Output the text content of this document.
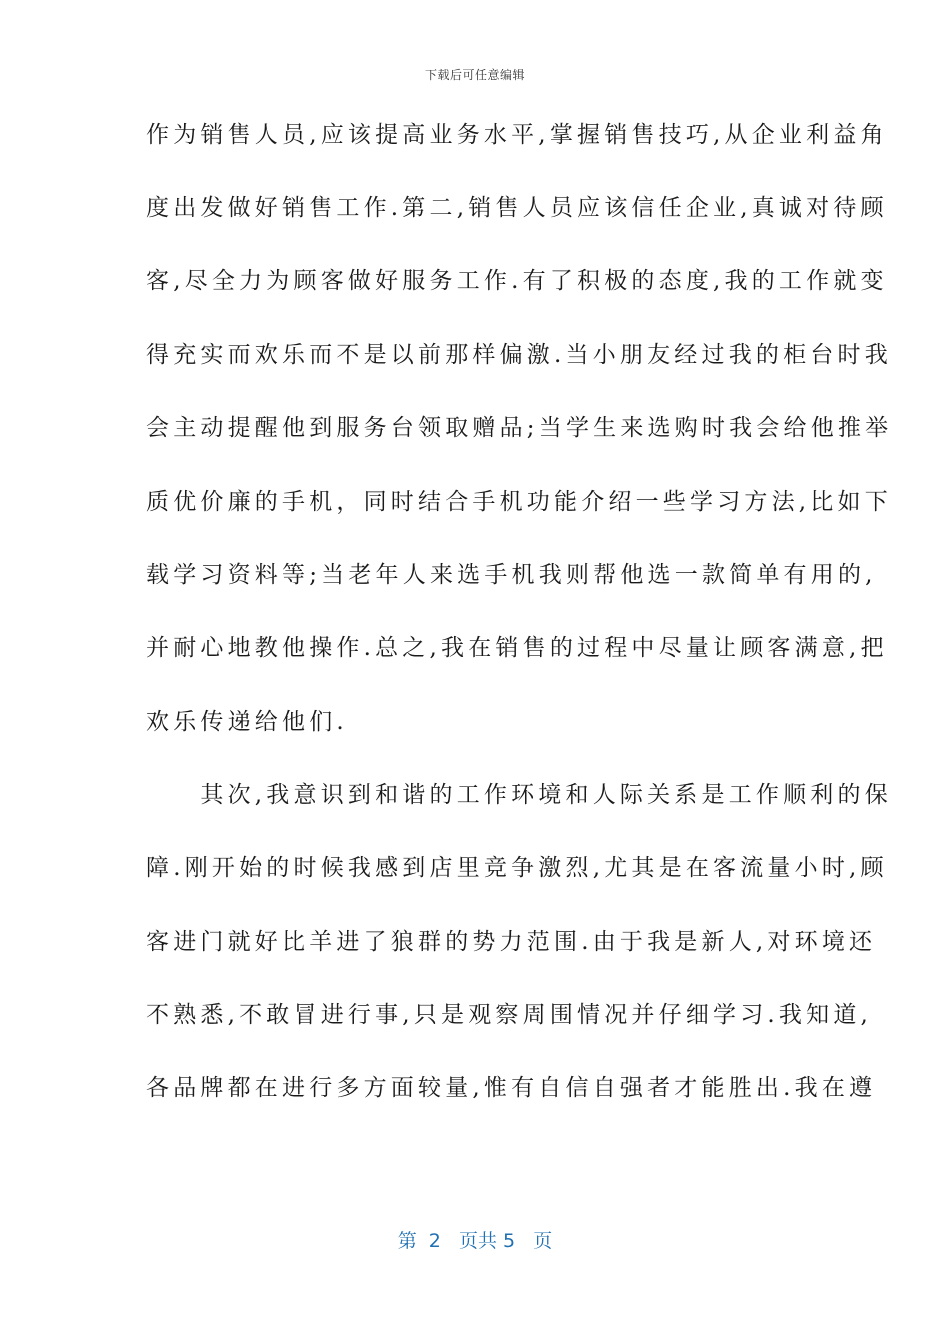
下载后可任意编辑
作为销售人员,应该提高业务水平,掌握销售技巧,从企业利益角
度出发做好销售工作.第二,销售人员应该信任企业,真诚对待顾
客,尽全力为顾客做好服务工作.有了积极的态度,我的工作就变
得充实而欢乐而不是以前那样偏激.当小朋友经过我的柜台时我
会主动提醒他到服务台领取赠品;当学生来选购时我会给他推举
质优价廉的手机，同时结合手机功能介绍一些学习方法,比如下
载学习资料等;当老年人来选手机我则帮他选一款简单有用的,
并耐心地教他操作.总之,我在销售的过程中尽量让顾客满意,把
欢乐传递给他们.
　　其次,我意识到和谐的工作环境和人际关系是工作顺利的保
障.刚开始的时候我感到店里竞争激烈,尤其是在客流量小时,顾
客进门就好比羊进了狼群的势力范围.由于我是新人,对环境还
不熟悉,不敢冒进行事,只是观察周围情况并仔细学习.我知道,
各品牌都在进行多方面较量,惟有自信自强者才能胜出.我在遵
第  2   页共 5   页
